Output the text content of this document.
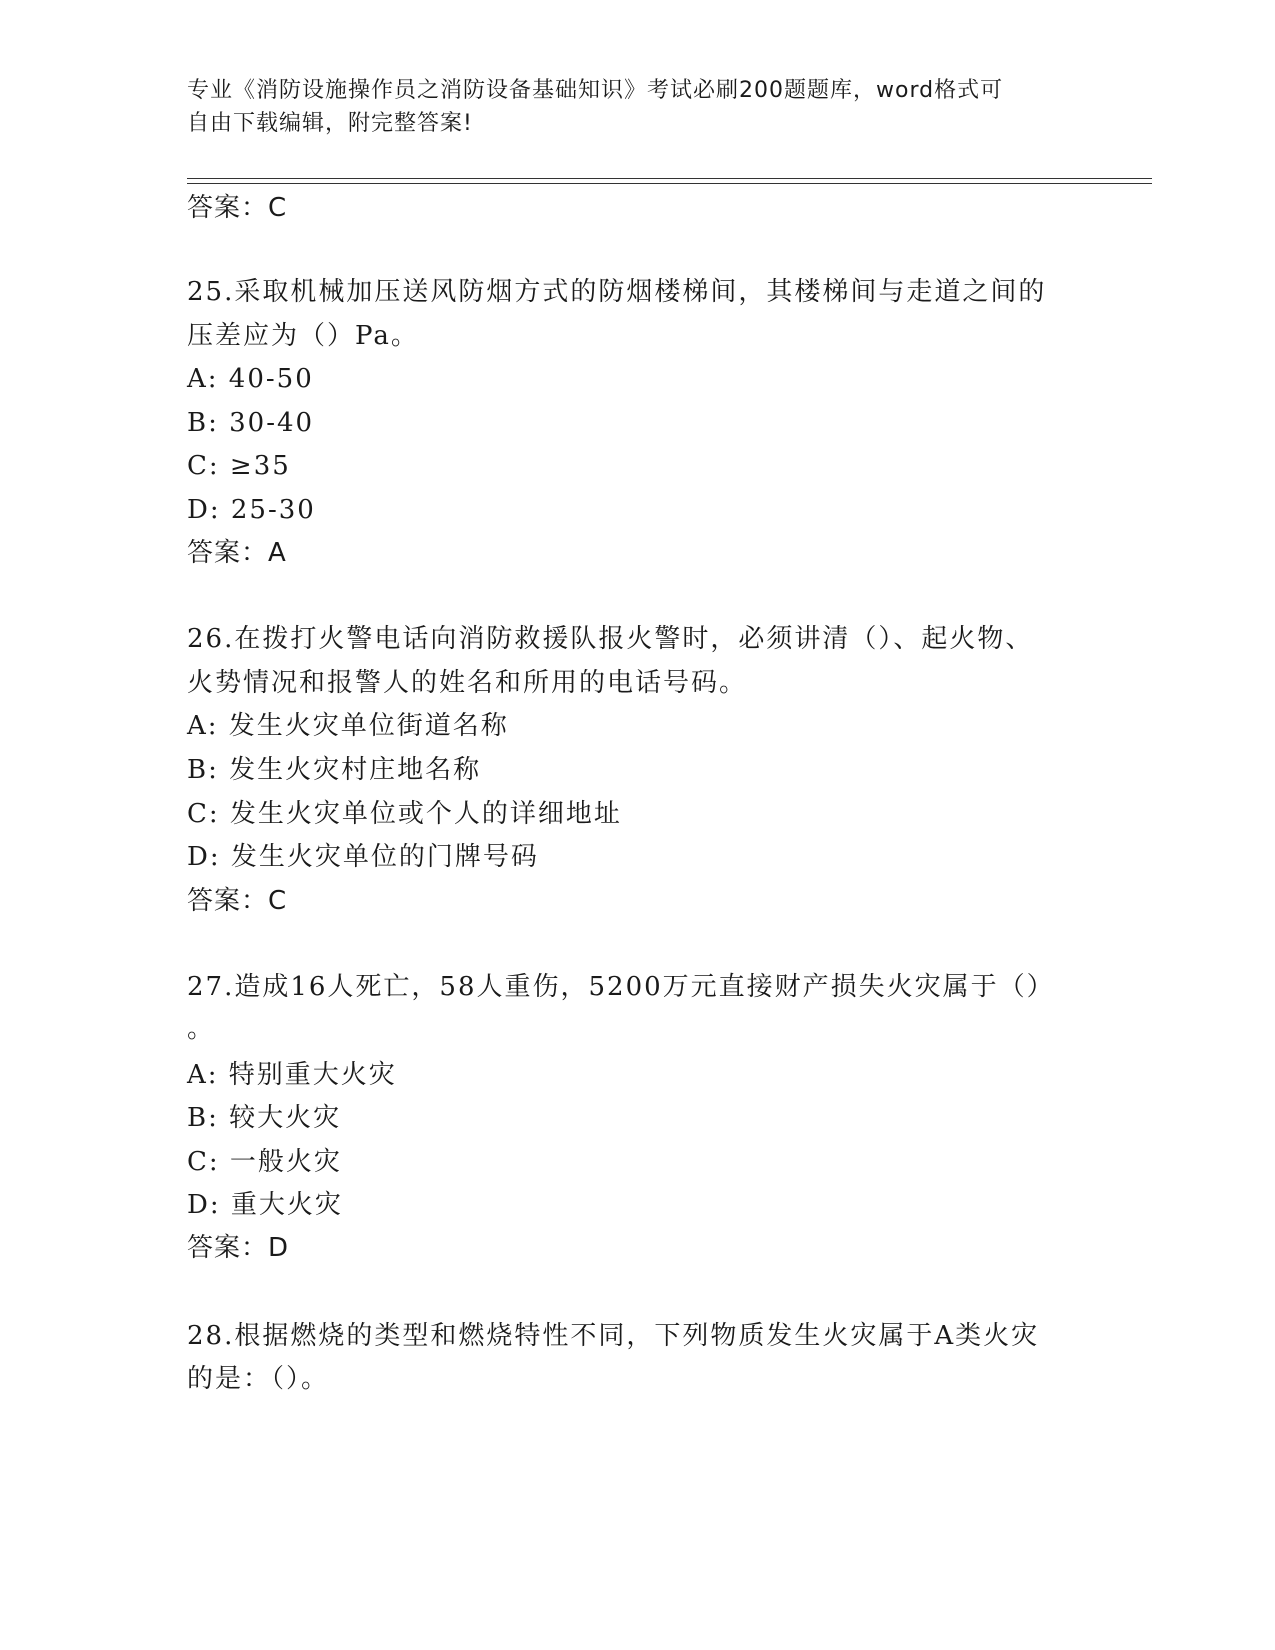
专业《消防设施操作员之消防设备基础知识》考试必刷200题题库，word格式可
自由下载编辑，附完整答案!
答案：C
25.采取机械加压送风防烟方式的防烟楼梯间，其楼梯间与走道之间的
压差应为（）Pa。
A: 40-50
B: 30-40
C: ≥35
D: 25-30
答案：A
26.在拨打火警电话向消防救援队报火警时，必须讲清（）、起火物、
火势情况和报警人的姓名和所用的电话号码。
A: 发生火灾单位街道名称
B: 发生火灾村庄地名称
C: 发生火灾单位或个人的详细地址
D: 发生火灾单位的门牌号码
答案：C
27.造成16人死亡，58人重伤，5200万元直接财产损失火灾属于（）
。
A: 特别重大火灾
B: 较大火灾
C: 一般火灾
D: 重大火灾
答案：D
28.根据燃烧的类型和燃烧特性不同，下列物质发生火灾属于A类火灾
的是：（）。
